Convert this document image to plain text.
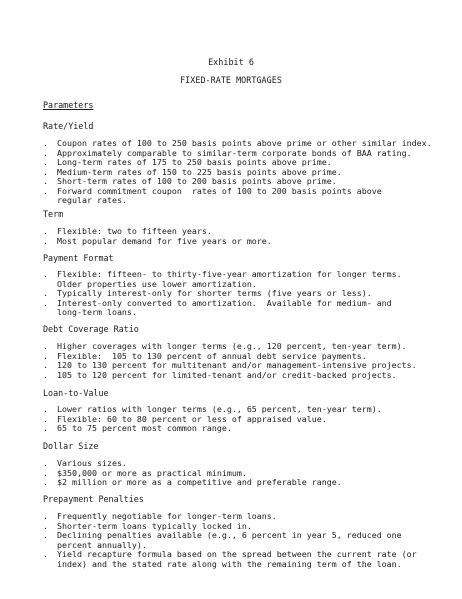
Exhibit 6
FIXED-RATE MORTGAGES
Parameters
Rate/Yield
. Coupon rates of 100 to 250 basis points above prime or other similar index.
. Approximately comparable to similar-term corporate bonds of BAA rating.
. Long-term rates of 175 to 250 basis points above prime.
. Medium-term rates of 150 to 225 basis points above prime.
. Short-term rates of 100 to 200 basis points above prime.
. Forward commitment coupon  rates of 100 to 200 basis points above
regular rates.
Term
. Flexible: two to fifteen years.
. Most popular demand for five years or more.
Payment Format
. Flexible: fifteen- to thirty-five-year amortization for longer terms.
Older properties use lower amortization.
. Typically interest-only for shorter terms (five years or less).
. Interest-only converted to amortization.  Available for medium- and
long-term loans.
Debt Coverage Ratio
. Higher coverages with longer terms (e.g., 120 percent, ten-year term).
. Flexible:  105 to 130 percent of annual debt service payments.
. 120 to 130 percent for multitenant and/or management-intensive projects.
. 105 to 120 percent for limited-tenant and/or credit-backed projects.
Loan-to-Value
. Lower ratios with longer terms (e.g., 65 percent, ten-year term).
. Flexible: 60 to 80 percent or less of appraised value.
. 65 to 75 percent most common range.
Dollar Size
. Various sizes.
. $350,000 or more as practical minimum.
. $2 million or more as a competitive and preferable range.
Prepayment Penalties
. Frequently negotiable for longer-term loans.
. Shorter-term loans typically locked in.
. Declining penalties available (e.g., 6 percent in year 5, reduced one
percent annually).
. Yield recapture formula based on the spread between the current rate (or
index) and the stated rate along with the remaining term of the loan.
